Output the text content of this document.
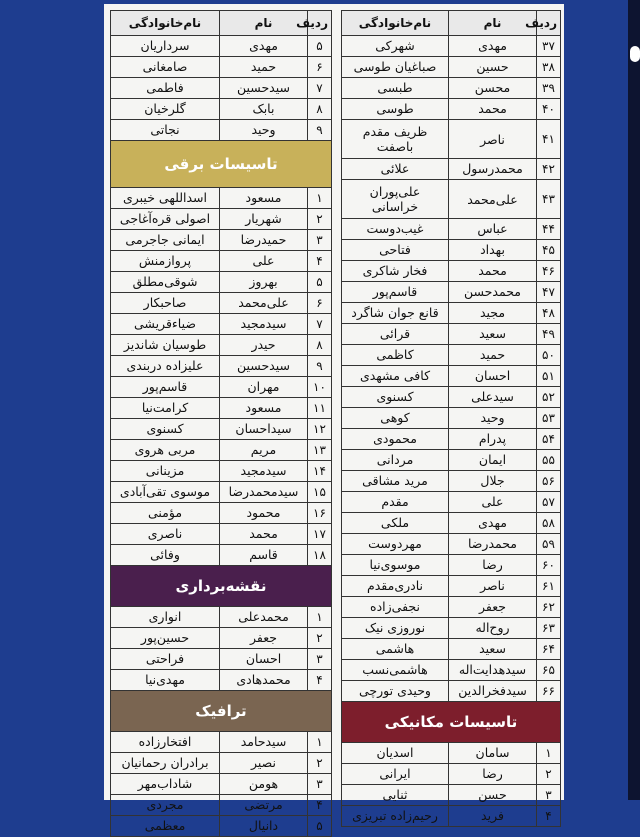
ردیف	نام	نام‌خانوادگی
۳۷	مهدی	شهرکی
۳۸	حسین	صباغیان طوسی
۳۹	محسن	طبسی
۴۰	محمد	طوسی
۴۱	ناصر	ظریف مقدم باصفت
۴۲	محمدرسول	علائی
۴۳	علی‌محمد	علی‌پوران خراسانی
۴۴	عباس	غیب‌دوست
۴۵	بهداد	فتاحی
۴۶	محمد	فخار شاکری
۴۷	محمدحسن	قاسم‌پور
۴۸	مجید	قانع جوان شاگرد
۴۹	سعید	قرائی
۵۰	حمید	کاظمی
۵۱	احسان	کافی مشهدی
۵۲	سیدعلی	کسنوی
۵۳	وحید	کوهی
۵۴	پدرام	محمودی
۵۵	ایمان	مردانی
۵۶	جلال	مرید مشاقی
۵۷	علی	مقدم
۵۸	مهدی	ملکی
۵۹	محمدرضا	مهردوست
۶۰	رضا	موسوی‌نیا
۶۱	ناصر	نادری‌مقدم
۶۲	جعفر	نجفی‌زاده
۶۳	روح‌اله	نوروزی نیک
۶۴	سعید	هاشمی
۶۵	سیدهدایت‌اله	هاشمی‌نسب
۶۶	سیدفخرالدین	وحیدی تورچی
تاسیسات مکانیکی
۱	سامان	اسدیان
۲	رضا	ایرانی
۳	حسن	ثنایی
۴	فرید	رحیم‌زاده تبریزی
ردیف	نام	نام‌خانوادگی
۵	مهدی	سرداریان
۶	حمید	صامغانی
۷	سیدحسین	فاطمی
۸	بابک	گلرخیان
۹	وحید	نجاتی
تاسیسات برقی
۱	مسعود	اسداللهی خیبری
۲	شهریار	اصولی قره‌آغاجی
۳	حمیدرضا	ایمانی جاجرمی
۴	علی	پروازمنش
۵	بهروز	شوقی‌مطلق
۶	علی‌محمد	صاحبکار
۷	سیدمجید	ضیاءقریشی
۸	حیدر	طوسیان شاندیز
۹	سیدحسین	علیزاده دربندی
۱۰	مهران	قاسم‌پور
۱۱	مسعود	کرامت‌نیا
۱۲	سیداحسان	کسنوی
۱۳	مریم	مربی هروی
۱۴	سیدمجید	مزینانی
۱۵	سیدمحمدرضا	موسوی تقی‌آبادی
۱۶	محمود	مؤمنی
۱۷	محمد	ناصری
۱۸	قاسم	وفائی
نقشه‌برداری
۱	محمدعلی	انواری
۲	جعفر	حسین‌پور
۳	احسان	فراحتی
۴	محمدهادی	مهدی‌نیا
ترافیک
۱	سیدحامد	افتخارزاده
۲	نصیر	برادران رحمانیان
۳	هومن	شاداب‌مهر
۴	مرتضی	مجردی
۵	دانیال	معظمی
